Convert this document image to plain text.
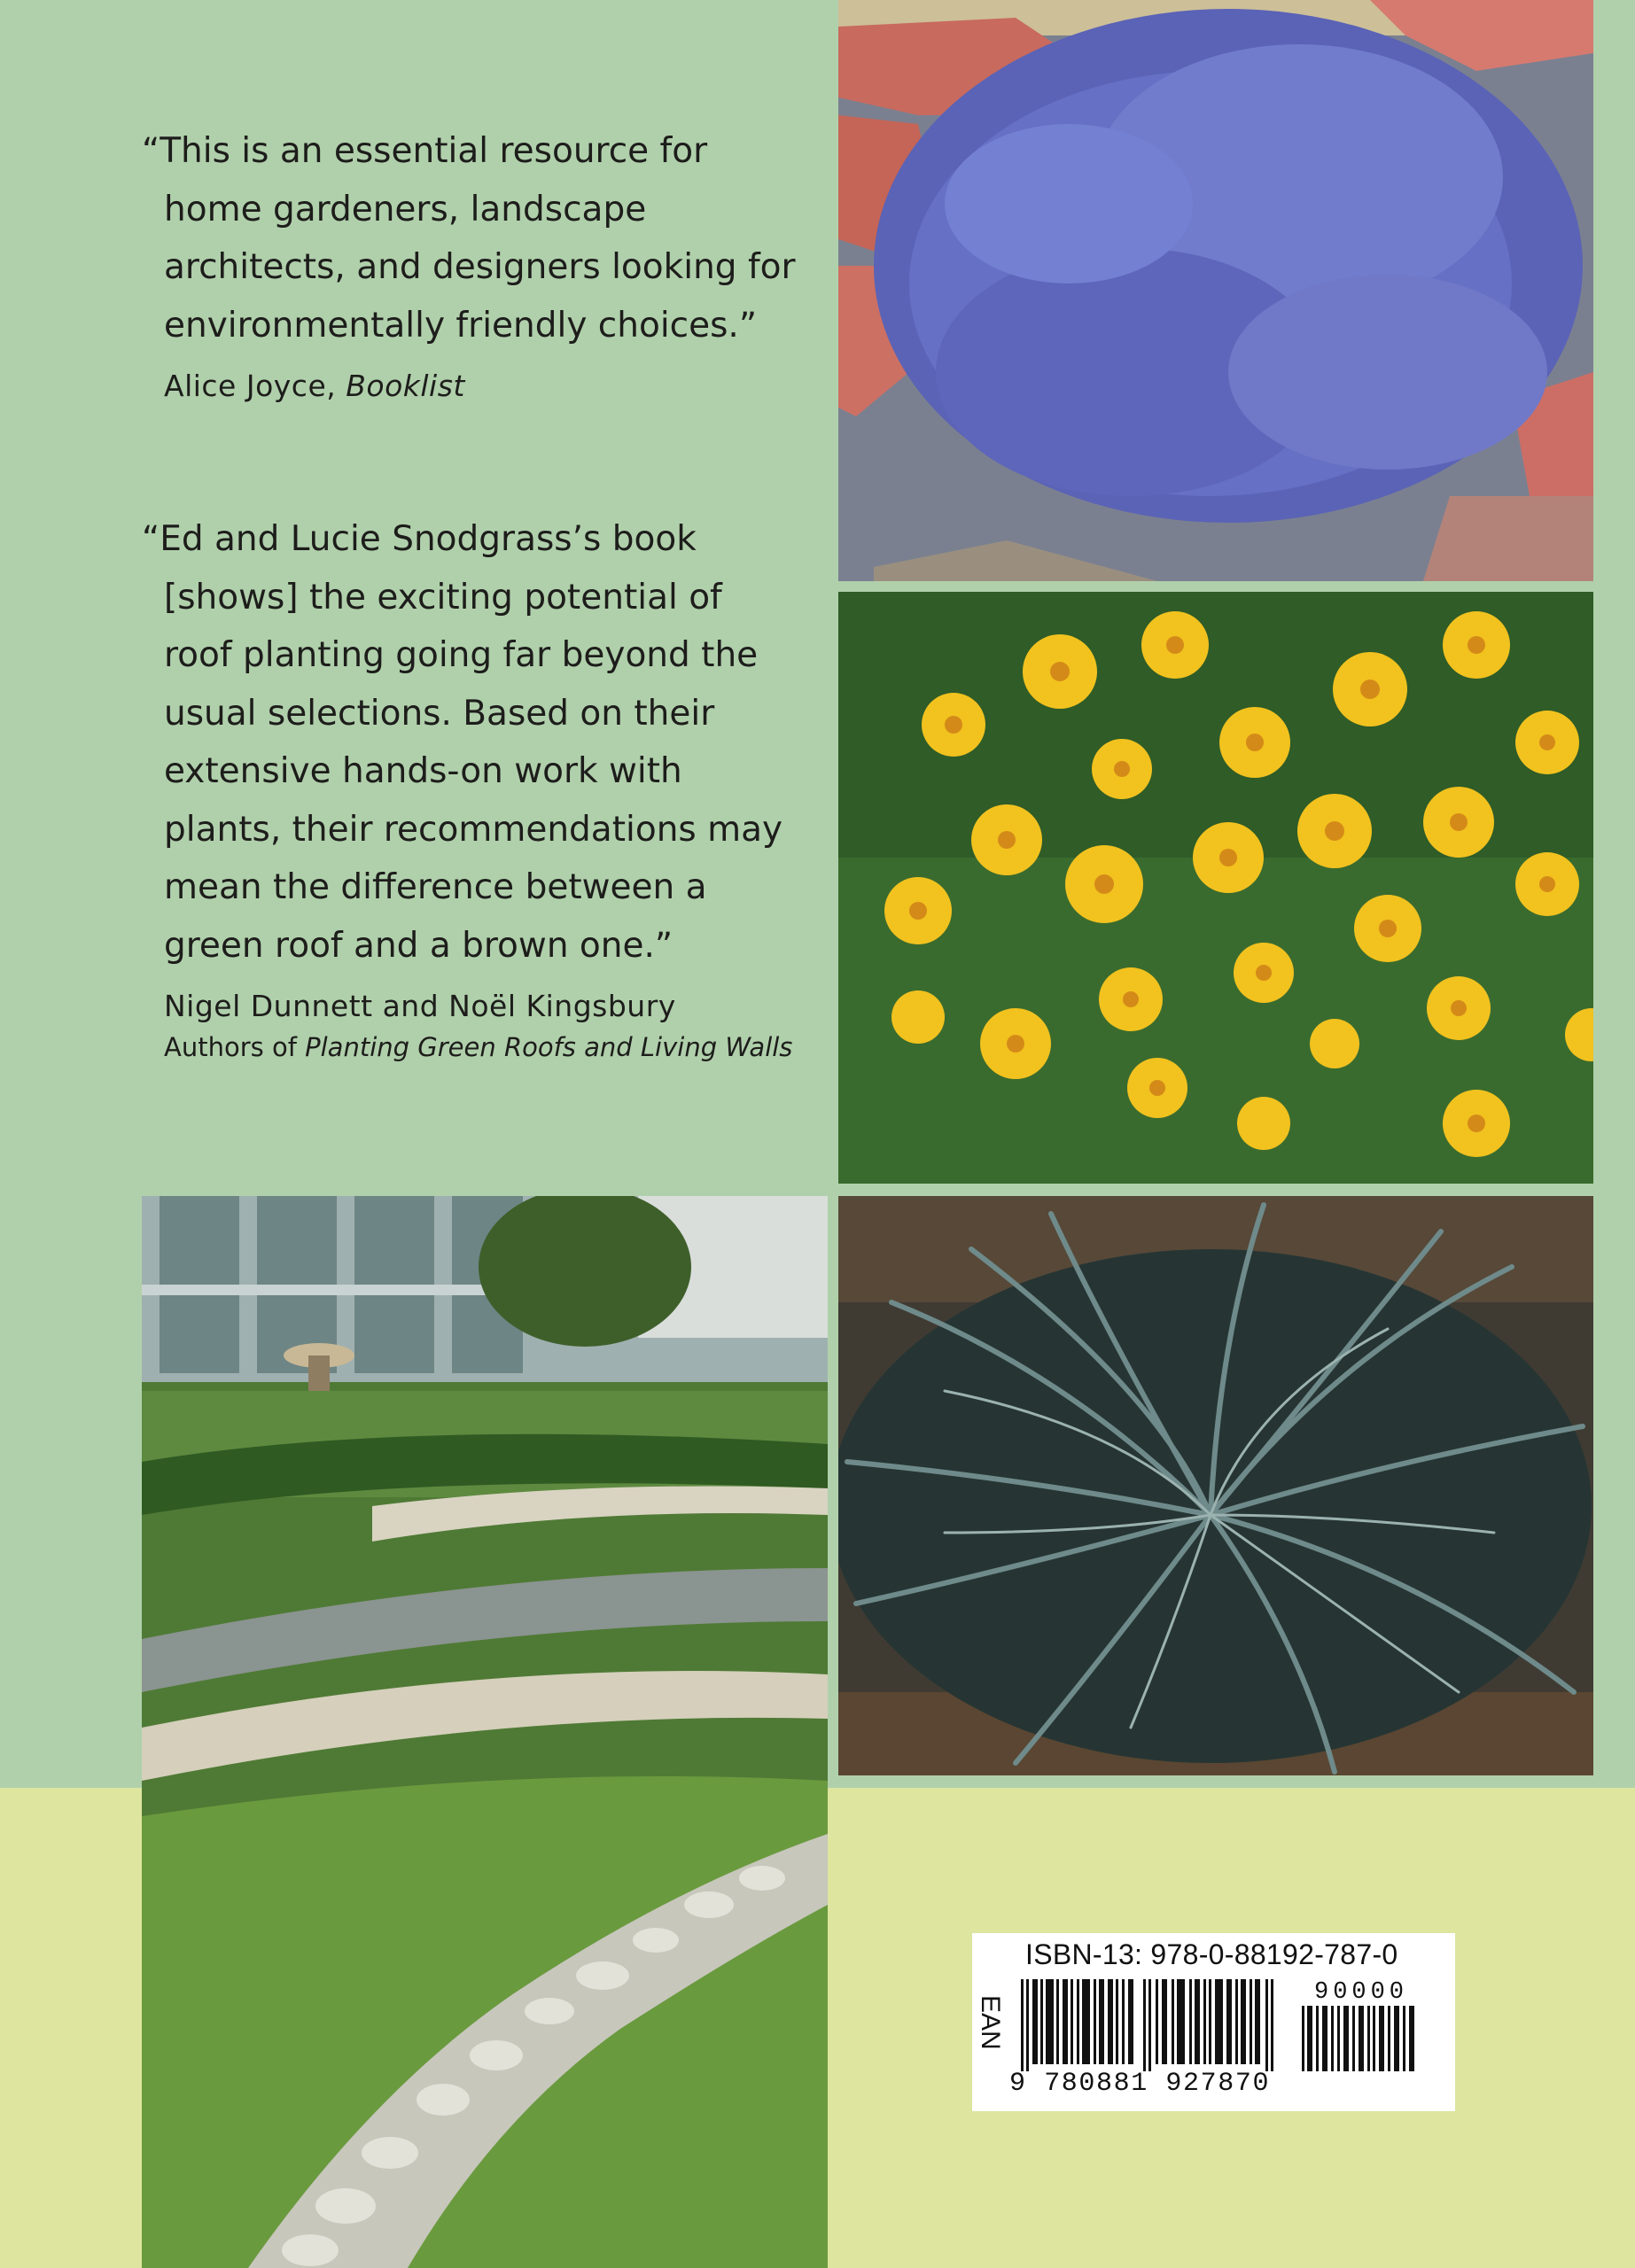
“This is an essential resource for home gardeners, landscape architects, and designers looking for environmentally friendly choices.”

Alice Joyce, Booklist

“Ed and Lucie Snodgrass’s book [shows] the exciting potential of roof planting going far beyond the usual selections. Based on their extensive hands-on work with plants, their recommendations may mean the difference between a green roof and a brown one.”

Nigel Dunnett and Noël Kingsbury
Authors of Planting Green Roofs and Living Walls
ISBN-13: 978-0-88192-787-0
EAN
90000
9 780881 927870
